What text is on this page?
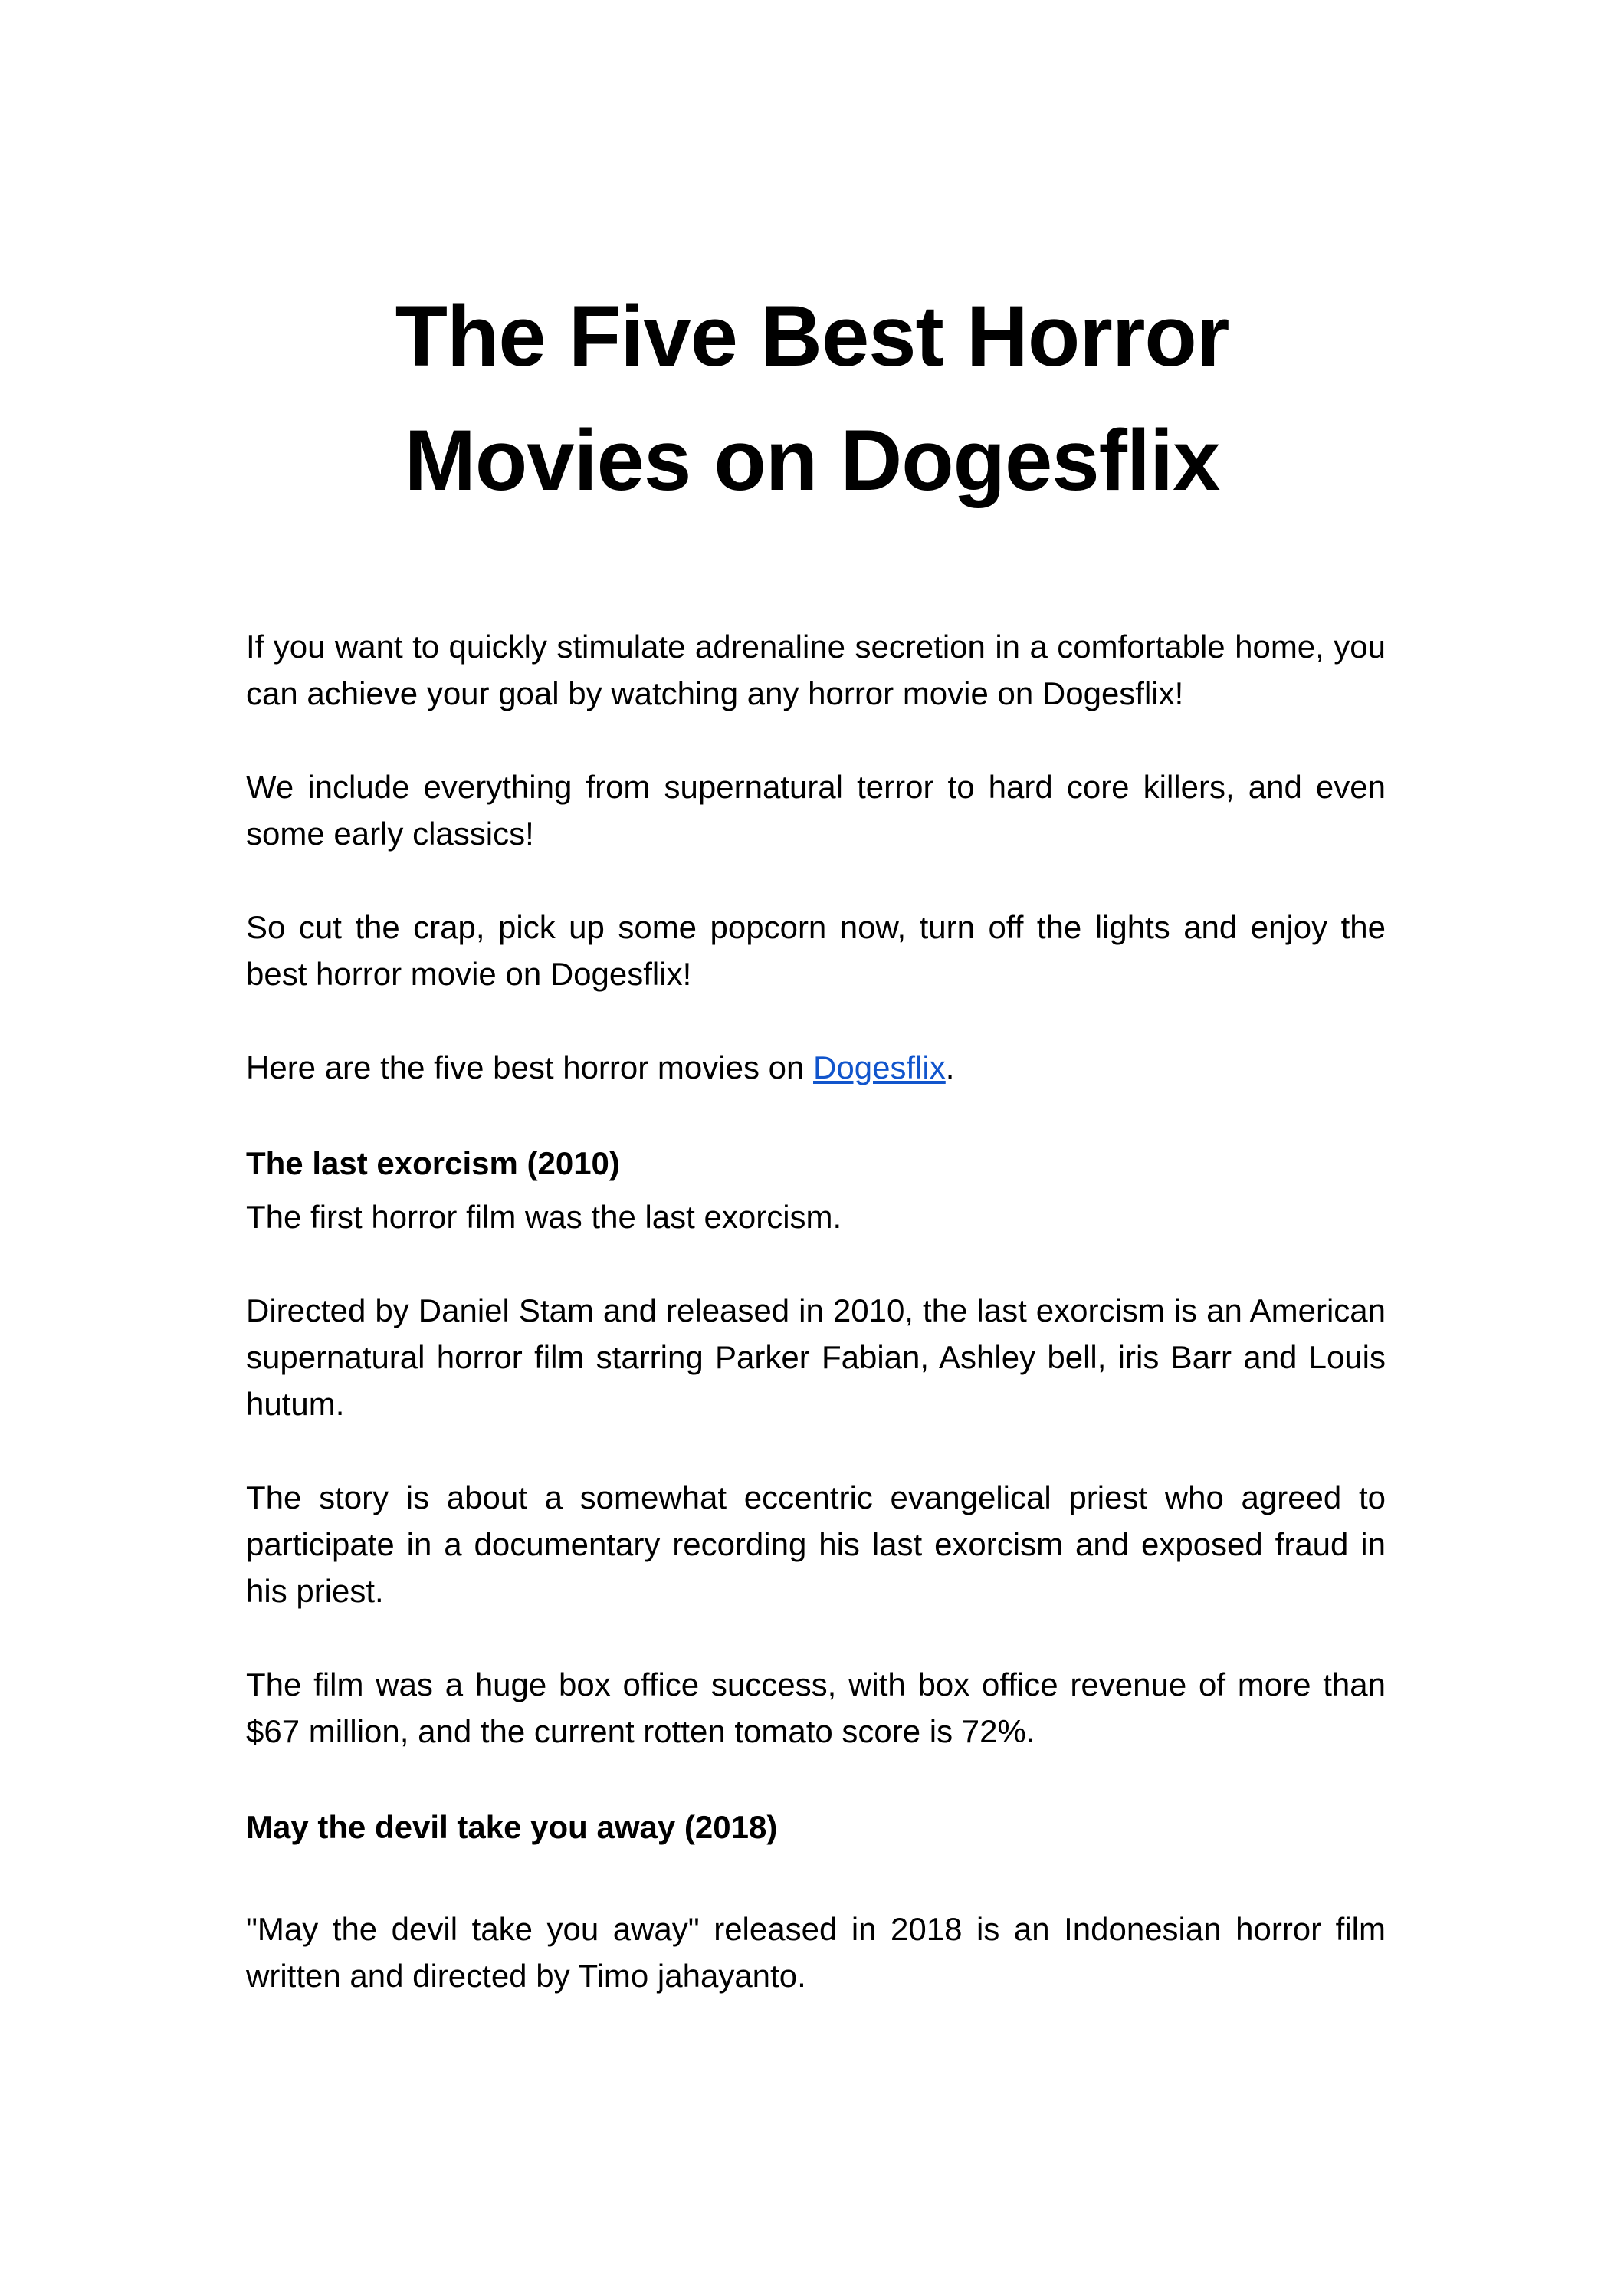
The Five Best Horror
Movies on Dogesflix

If you want to quickly stimulate adrenaline secretion in a comfortable home, you can achieve your goal by watching any horror movie on Dogesflix!

We include everything from supernatural terror to hard core killers, and even some early classics!

So cut the crap, pick up some popcorn now, turn off the lights and enjoy the best horror movie on Dogesflix!

Here are the five best horror movies on Dogesflix.

The last exorcism (2010)

The first horror film was the last exorcism.

Directed by Daniel Stam and released in 2010, the last exorcism is an American supernatural horror film starring Parker Fabian, Ashley bell, iris Barr and Louis hutum.

The story is about a somewhat eccentric evangelical priest who agreed to participate in a documentary recording his last exorcism and exposed fraud in his priest.

The film was a huge box office success, with box office revenue of more than $67 million, and the current rotten tomato score is 72%.

May the devil take you away (2018)

"May the devil take you away" released in 2018 is an Indonesian horror film written and directed by Timo jahayanto.
